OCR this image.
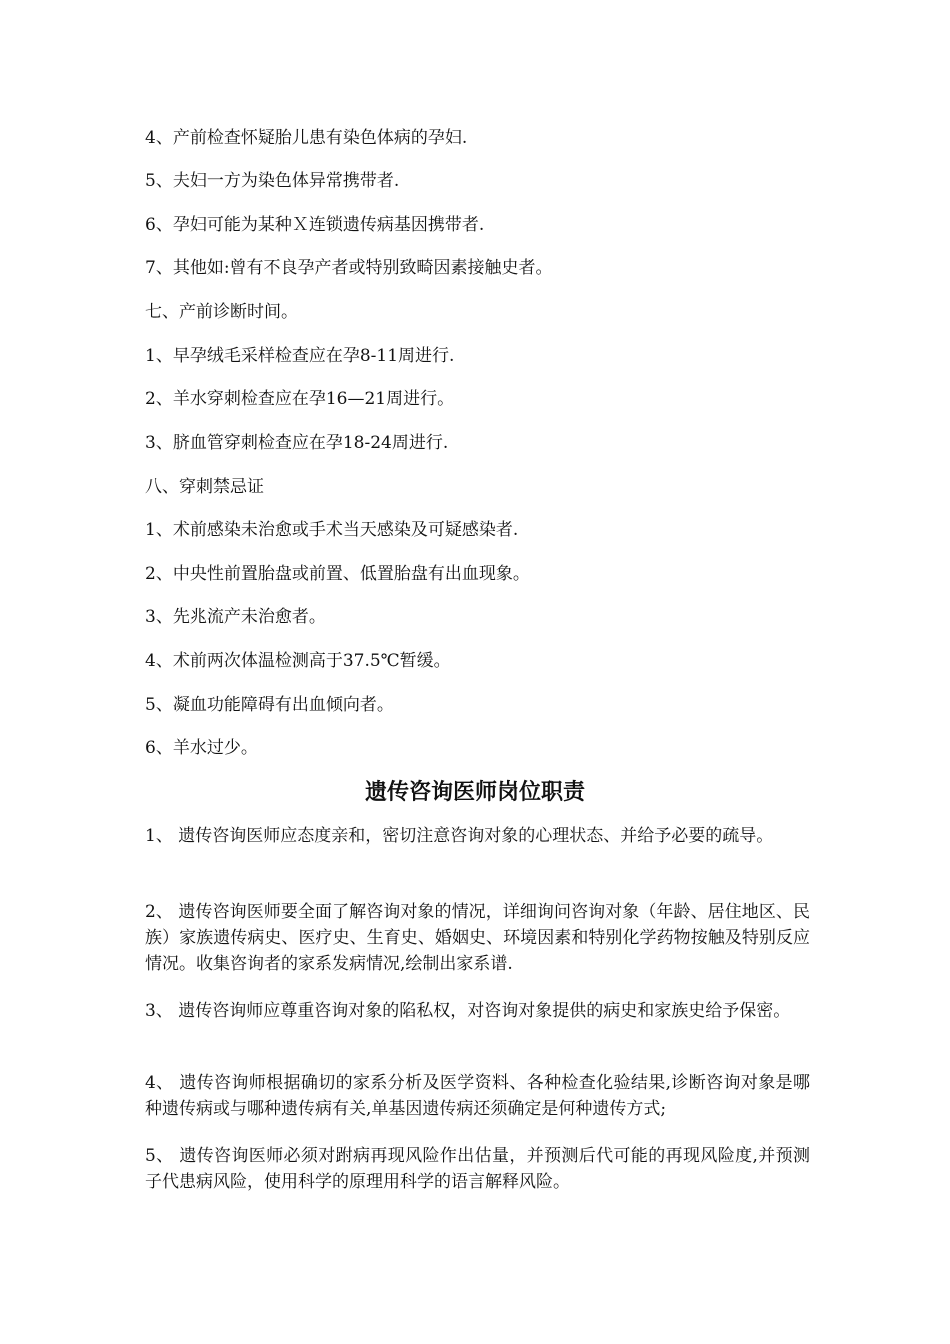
4、产前检查怀疑胎儿患有染色体病的孕妇.
5、夫妇一方为染色体异常携带者.
6、孕妇可能为某种Ｘ连锁遗传病基因携带者.
7、其他如:曾有不良孕产者或特别致畸因素接触史者。
七、产前诊断时间。
1、早孕绒毛采样检查应在孕8-11周进行.
2、羊水穿刺检查应在孕16—21周进行。
3、脐血管穿刺检查应在孕18-24周进行.
八、穿刺禁忌证
1、术前感染未治愈或手术当天感染及可疑感染者.
2、中央性前置胎盘或前置、低置胎盘有出血现象。
3、先兆流产未治愈者。
4、术前两次体温检测高于37.5℃暂缓。
5、凝血功能障碍有出血倾向者。
6、羊水过少。
遗传咨询医师岗位职责
1、 遗传咨询医师应态度亲和，密切注意咨询对象的心理状态、并给予必要的疏导。
2、 遗传咨询医师要全面了解咨询对象的情况，详细询问咨询对象（年龄、居住地区、民族）家族遗传病史、医疗史、生育史、婚姻史、环境因素和特别化学药物按触及特别反应情况。收集咨询者的家系发病情况,绘制出家系谱.
3、 遗传咨询师应尊重咨询对象的陷私权，对咨询对象提供的病史和家族史给予保密。
4、 遗传咨询师根据确切的家系分析及医学资料、各种检查化验结果,诊断咨询对象是哪种遗传病或与哪种遗传病有关,单基因遗传病还须确定是何种遗传方式;
5、 遗传咨询医师必须对跗病再现风险作出估量，并预测后代可能的再现风险度,并预测子代患病风险，使用科学的原理用科学的语言解释风险。
